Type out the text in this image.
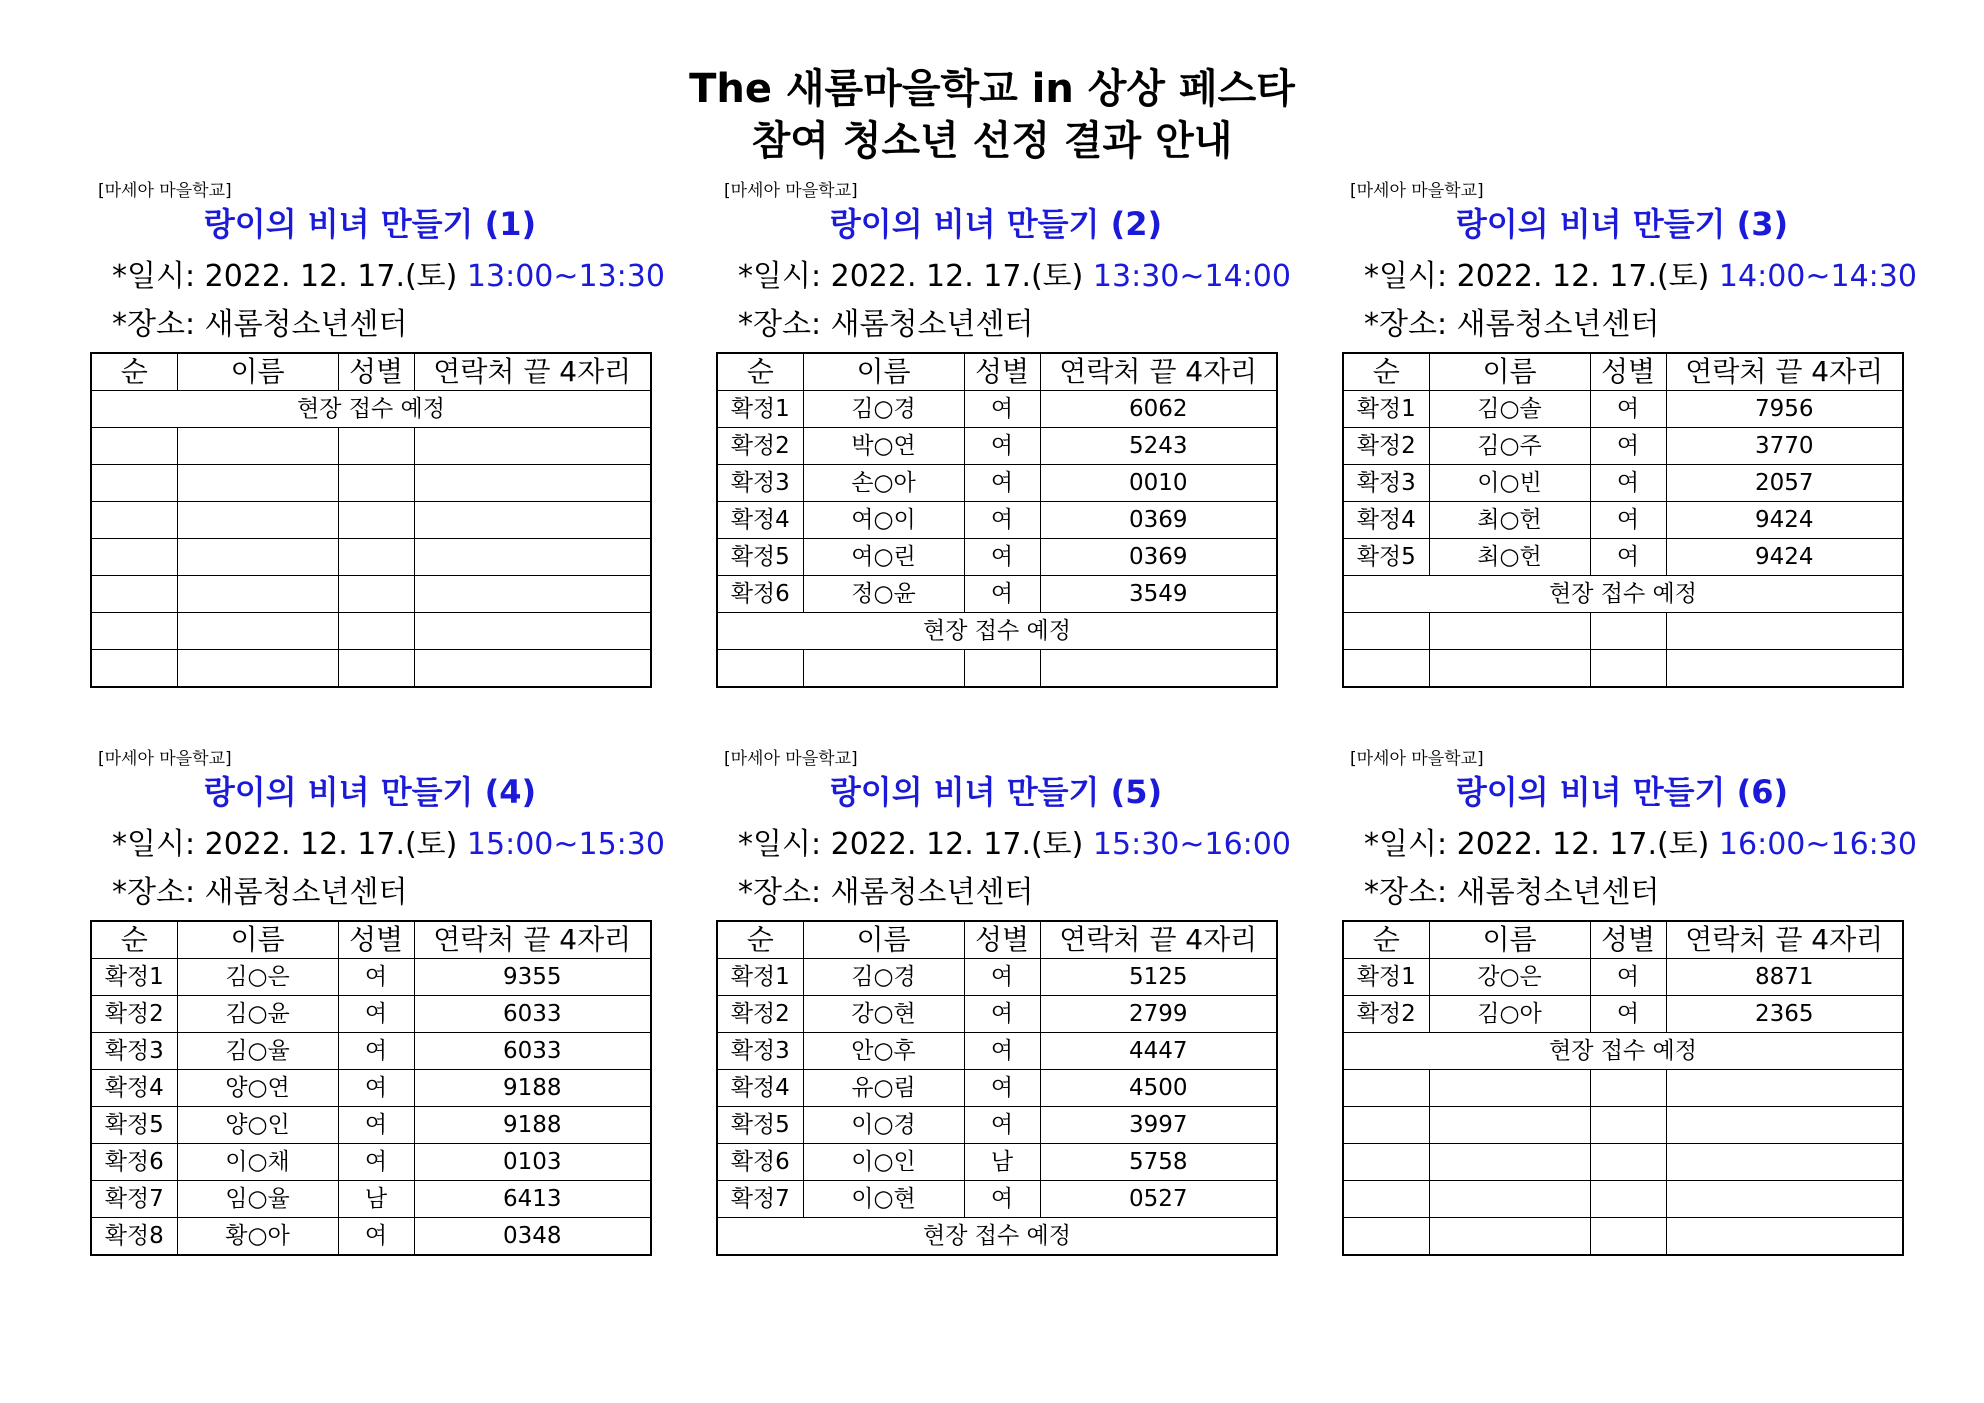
The 새롬마을학교 in 상상 페스타
참여 청소년 선정 결과 안내
[마세아 마을학교]
랑이의 비녀 만들기 (1)
*일시: 2022. 12. 17.(토) 13:00~13:30
*장소: 새롬청소년센터
순	이름	성별	연락처 끝 4자리
현장 접수 예정			

[마세아 마을학교]
랑이의 비녀 만들기 (2)
*일시: 2022. 12. 17.(토) 13:30~14:00
*장소: 새롬청소년센터
순	이름	성별	연락처 끝 4자리
확정1	김○경	여	6062
확정2	박○연	여	5243
확정3	손○아	여	0010
확정4	여○이	여	0369
확정5	여○린	여	0369
확정6	정○윤	여	3549
현장 접수 예정			

[마세아 마을학교]
랑이의 비녀 만들기 (3)
*일시: 2022. 12. 17.(토) 14:00~14:30
*장소: 새롬청소년센터
순	이름	성별	연락처 끝 4자리
확정1	김○솔	여	7956
확정2	김○주	여	3770
확정3	이○빈	여	2057
확정4	최○헌	여	9424
확정5	최○헌	여	9424
현장 접수 예정			

[마세아 마을학교]
랑이의 비녀 만들기 (4)
*일시: 2022. 12. 17.(토) 15:00~15:30
*장소: 새롬청소년센터
순	이름	성별	연락처 끝 4자리
확정1	김○은	여	9355
확정2	김○윤	여	6033
확정3	김○율	여	6033
확정4	양○연	여	9188
확정5	양○인	여	9188
확정6	이○채	여	0103
확정7	임○율	남	6413
확정8	황○아	여	0348
[마세아 마을학교]
랑이의 비녀 만들기 (5)
*일시: 2022. 12. 17.(토) 15:30~16:00
*장소: 새롬청소년센터
순	이름	성별	연락처 끝 4자리
확정1	김○경	여	5125
확정2	강○현	여	2799
확정3	안○후	여	4447
확정4	유○림	여	4500
확정5	이○경	여	3997
확정6	이○인	남	5758
확정7	이○현	여	0527
현장 접수 예정			
[마세아 마을학교]
랑이의 비녀 만들기 (6)
*일시: 2022. 12. 17.(토) 16:00~16:30
*장소: 새롬청소년센터
순	이름	성별	연락처 끝 4자리
확정1	강○은	여	8871
확정2	김○아	여	2365
현장 접수 예정			
